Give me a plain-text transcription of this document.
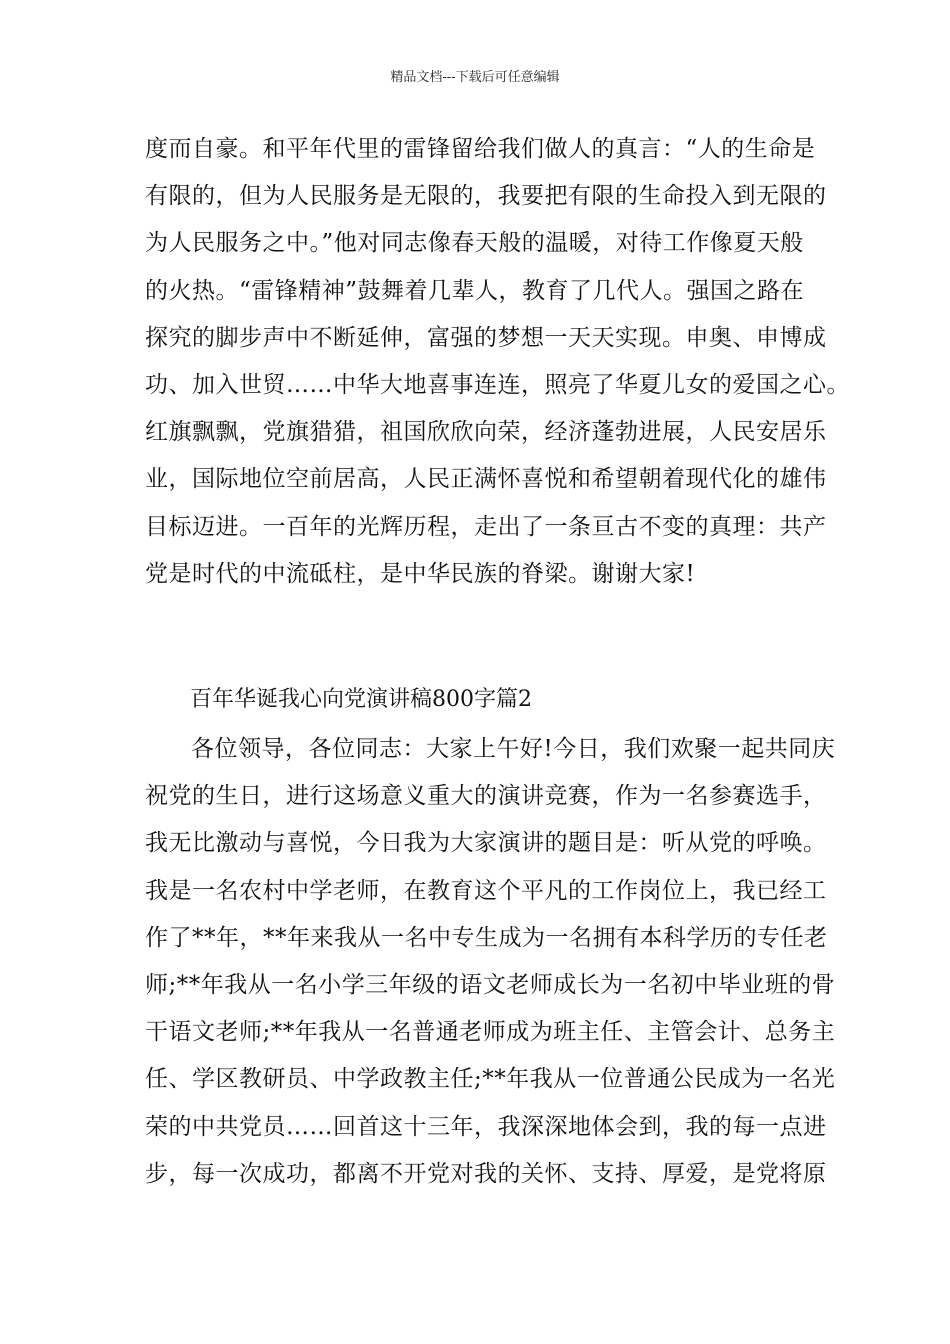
精品文档---下载后可任意编辑
度而自豪。和平年代里的雷锋留给我们做人的真言：“人的生命是
有限的，但为人民服务是无限的，我要把有限的生命投入到无限的
为人民服务之中。”他对同志像春天般的温暖，对待工作像夏天般
的火热。“雷锋精神”鼓舞着几辈人，教育了几代人。强国之路在
探究的脚步声中不断延伸，富强的梦想一天天实现。申奥、申博成
功、加入世贸……中华大地喜事连连，照亮了华夏儿女的爱国之心。
红旗飘飘，党旗猎猎，祖国欣欣向荣，经济蓬勃进展，人民安居乐
业，国际地位空前居高，人民正满怀喜悦和希望朝着现代化的雄伟
目标迈进。一百年的光辉历程，走出了一条亘古不变的真理：共产
党是时代的中流砥柱，是中华民族的脊梁。谢谢大家!
百年华诞我心向党演讲稿800字篇2
各位领导，各位同志：大家上午好!今日，我们欢聚一起共同庆
祝党的生日，进行这场意义重大的演讲竞赛，作为一名参赛选手，
我无比激动与喜悦，今日我为大家演讲的题目是：听从党的呼唤。
我是一名农村中学老师，在教育这个平凡的工作岗位上，我已经工
作了**年，**年来我从一名中专生成为一名拥有本科学历的专任老
师;**年我从一名小学三年级的语文老师成长为一名初中毕业班的骨
干语文老师;**年我从一名普通老师成为班主任、主管会计、总务主
任、学区教研员、中学政教主任;**年我从一位普通公民成为一名光
荣的中共党员……回首这十三年，我深深地体会到，我的每一点进
步，每一次成功，都离不开党对我的关怀、支持、厚爱，是党将原
